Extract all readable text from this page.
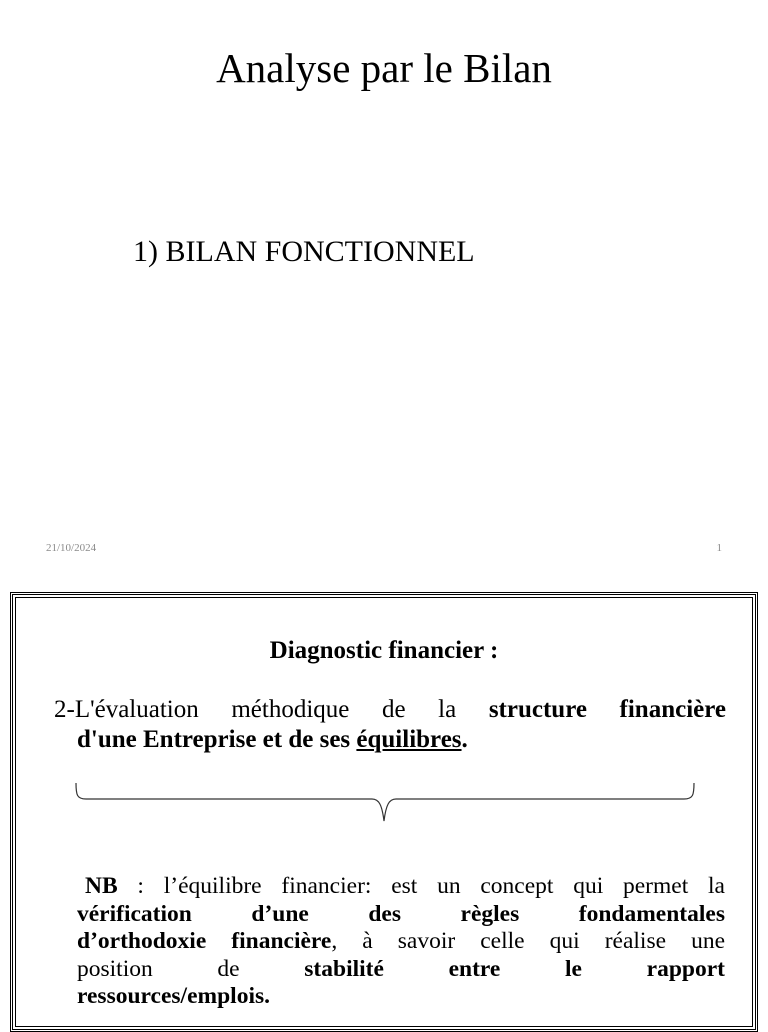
Analyse par le Bilan
1) BILAN FONCTIONNEL
21/10/2024	1
Diagnostic financier :
2-L'évaluation méthodique de la structure financière
d'une Entreprise et de ses équilibres.
NB : l’équilibre financier: est un concept qui permet la
vérification d’une des règles fondamentales
d’orthodoxie financière, à savoir celle qui réalise une
position de stabilité entre le rapport
ressources/emplois.
